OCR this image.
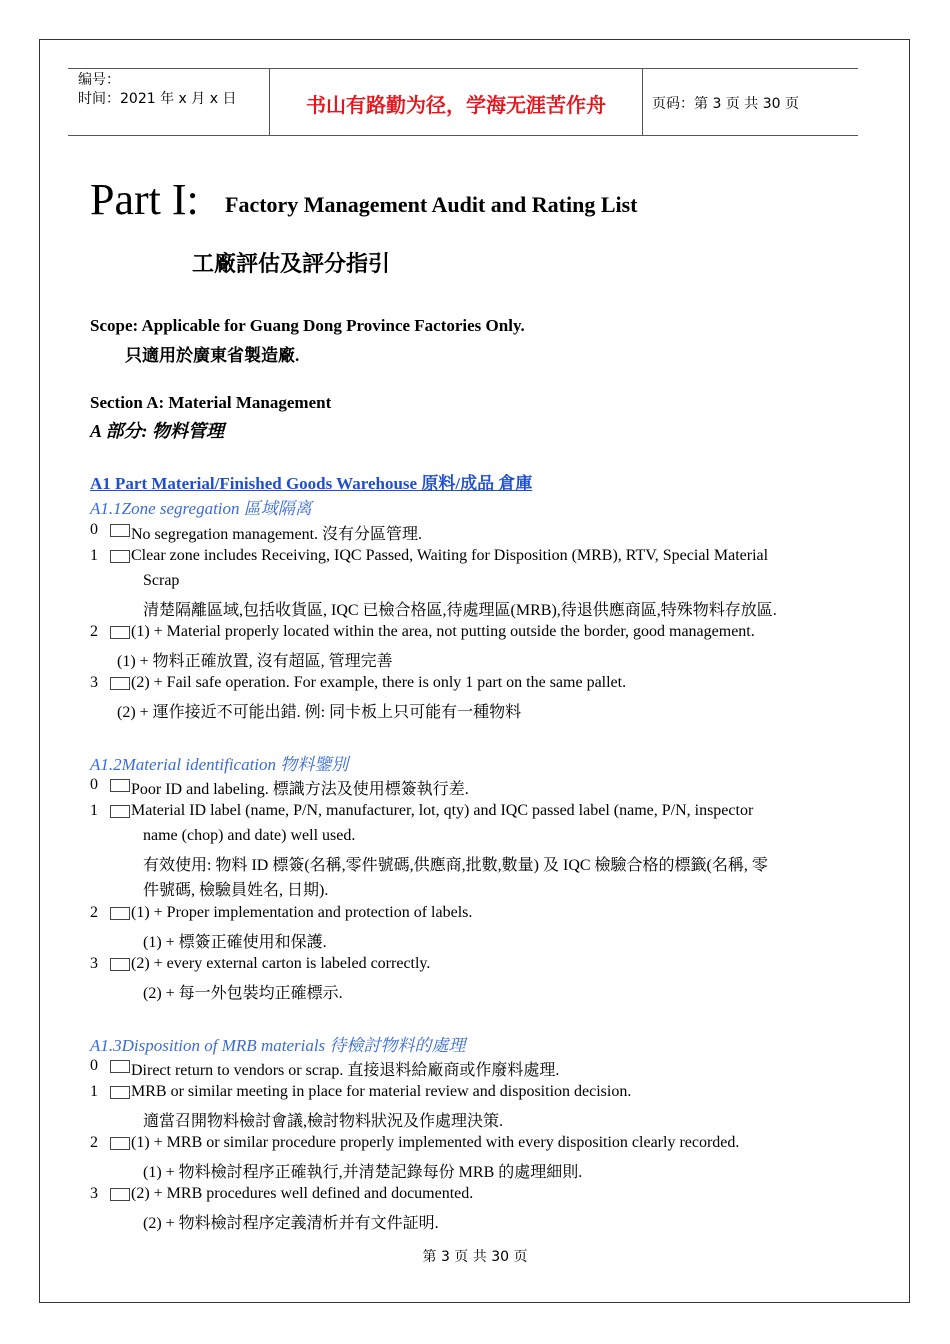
编号：
时间：2021 年 x 月 x 日	书山有路勤为径，学海无涯苦作舟	页码：第 3 页 共 30 页
Part I: Factory Management Audit and Rating List
工廠評估及評分指引
Scope: Applicable for Guang Dong Province Factories Only.
只適用於廣東省製造廠.
Section A: Material Management
A 部分: 物料管理
A1 Part Material/Finished Goods Warehouse 原料/成品 倉庫
A1.1Zone segregation 區域隔离
0 No segregation management. 沒有分區管理.
1 Clear zone includes Receiving, IQC Passed, Waiting for Disposition (MRB), RTV, Special Material
Scrap
清楚隔離區域,包括收貨區, IQC 已檢合格區,待處理區(MRB),待退供應商區,特殊物料存放區.
2 (1) + Material properly located within the area, not putting outside the border, good management.
(1) + 物料正確放置, 沒有超區, 管理完善
3 (2) + Fail safe operation. For example, there is only 1 part on the same pallet.
(2) + 運作接近不可能出錯. 例: 同卡板上只可能有一種物料
A1.2Material identification 物料鑒別
0 Poor ID and labeling. 標識方法及使用標簽執行差.
1 Material ID label (name, P/N, manufacturer, lot, qty) and IQC passed label (name, P/N, inspector
name (chop) and date) well used.
有效使用: 物料 ID 標簽(名稱,零件號碼,供應商,批數,數量) 及 IQC 檢驗合格的標籤(名稱, 零
件號碼, 檢驗員姓名, 日期).
2 (1) + Proper implementation and protection of labels.
(1) + 標簽正確使用和保護.
3 (2) + every external carton is labeled correctly.
(2) + 每一外包裝均正確標示.
A1.3Disposition of MRB materials 待檢討物料的處理
0 Direct return to vendors or scrap. 直接退料給廠商或作廢料處理.
1 MRB or similar meeting in place for material review and disposition decision.
適當召開物料檢討會議,檢討物料狀況及作處理決策.
2 (1) + MRB or similar procedure properly implemented with every disposition clearly recorded.
(1) + 物料檢討程序正確執行,并清楚記錄每份 MRB 的處理細則.
3 (2) + MRB procedures well defined and documented.
(2) + 物料檢討程序定義清析并有文件証明.
第 3 页 共 30 页
